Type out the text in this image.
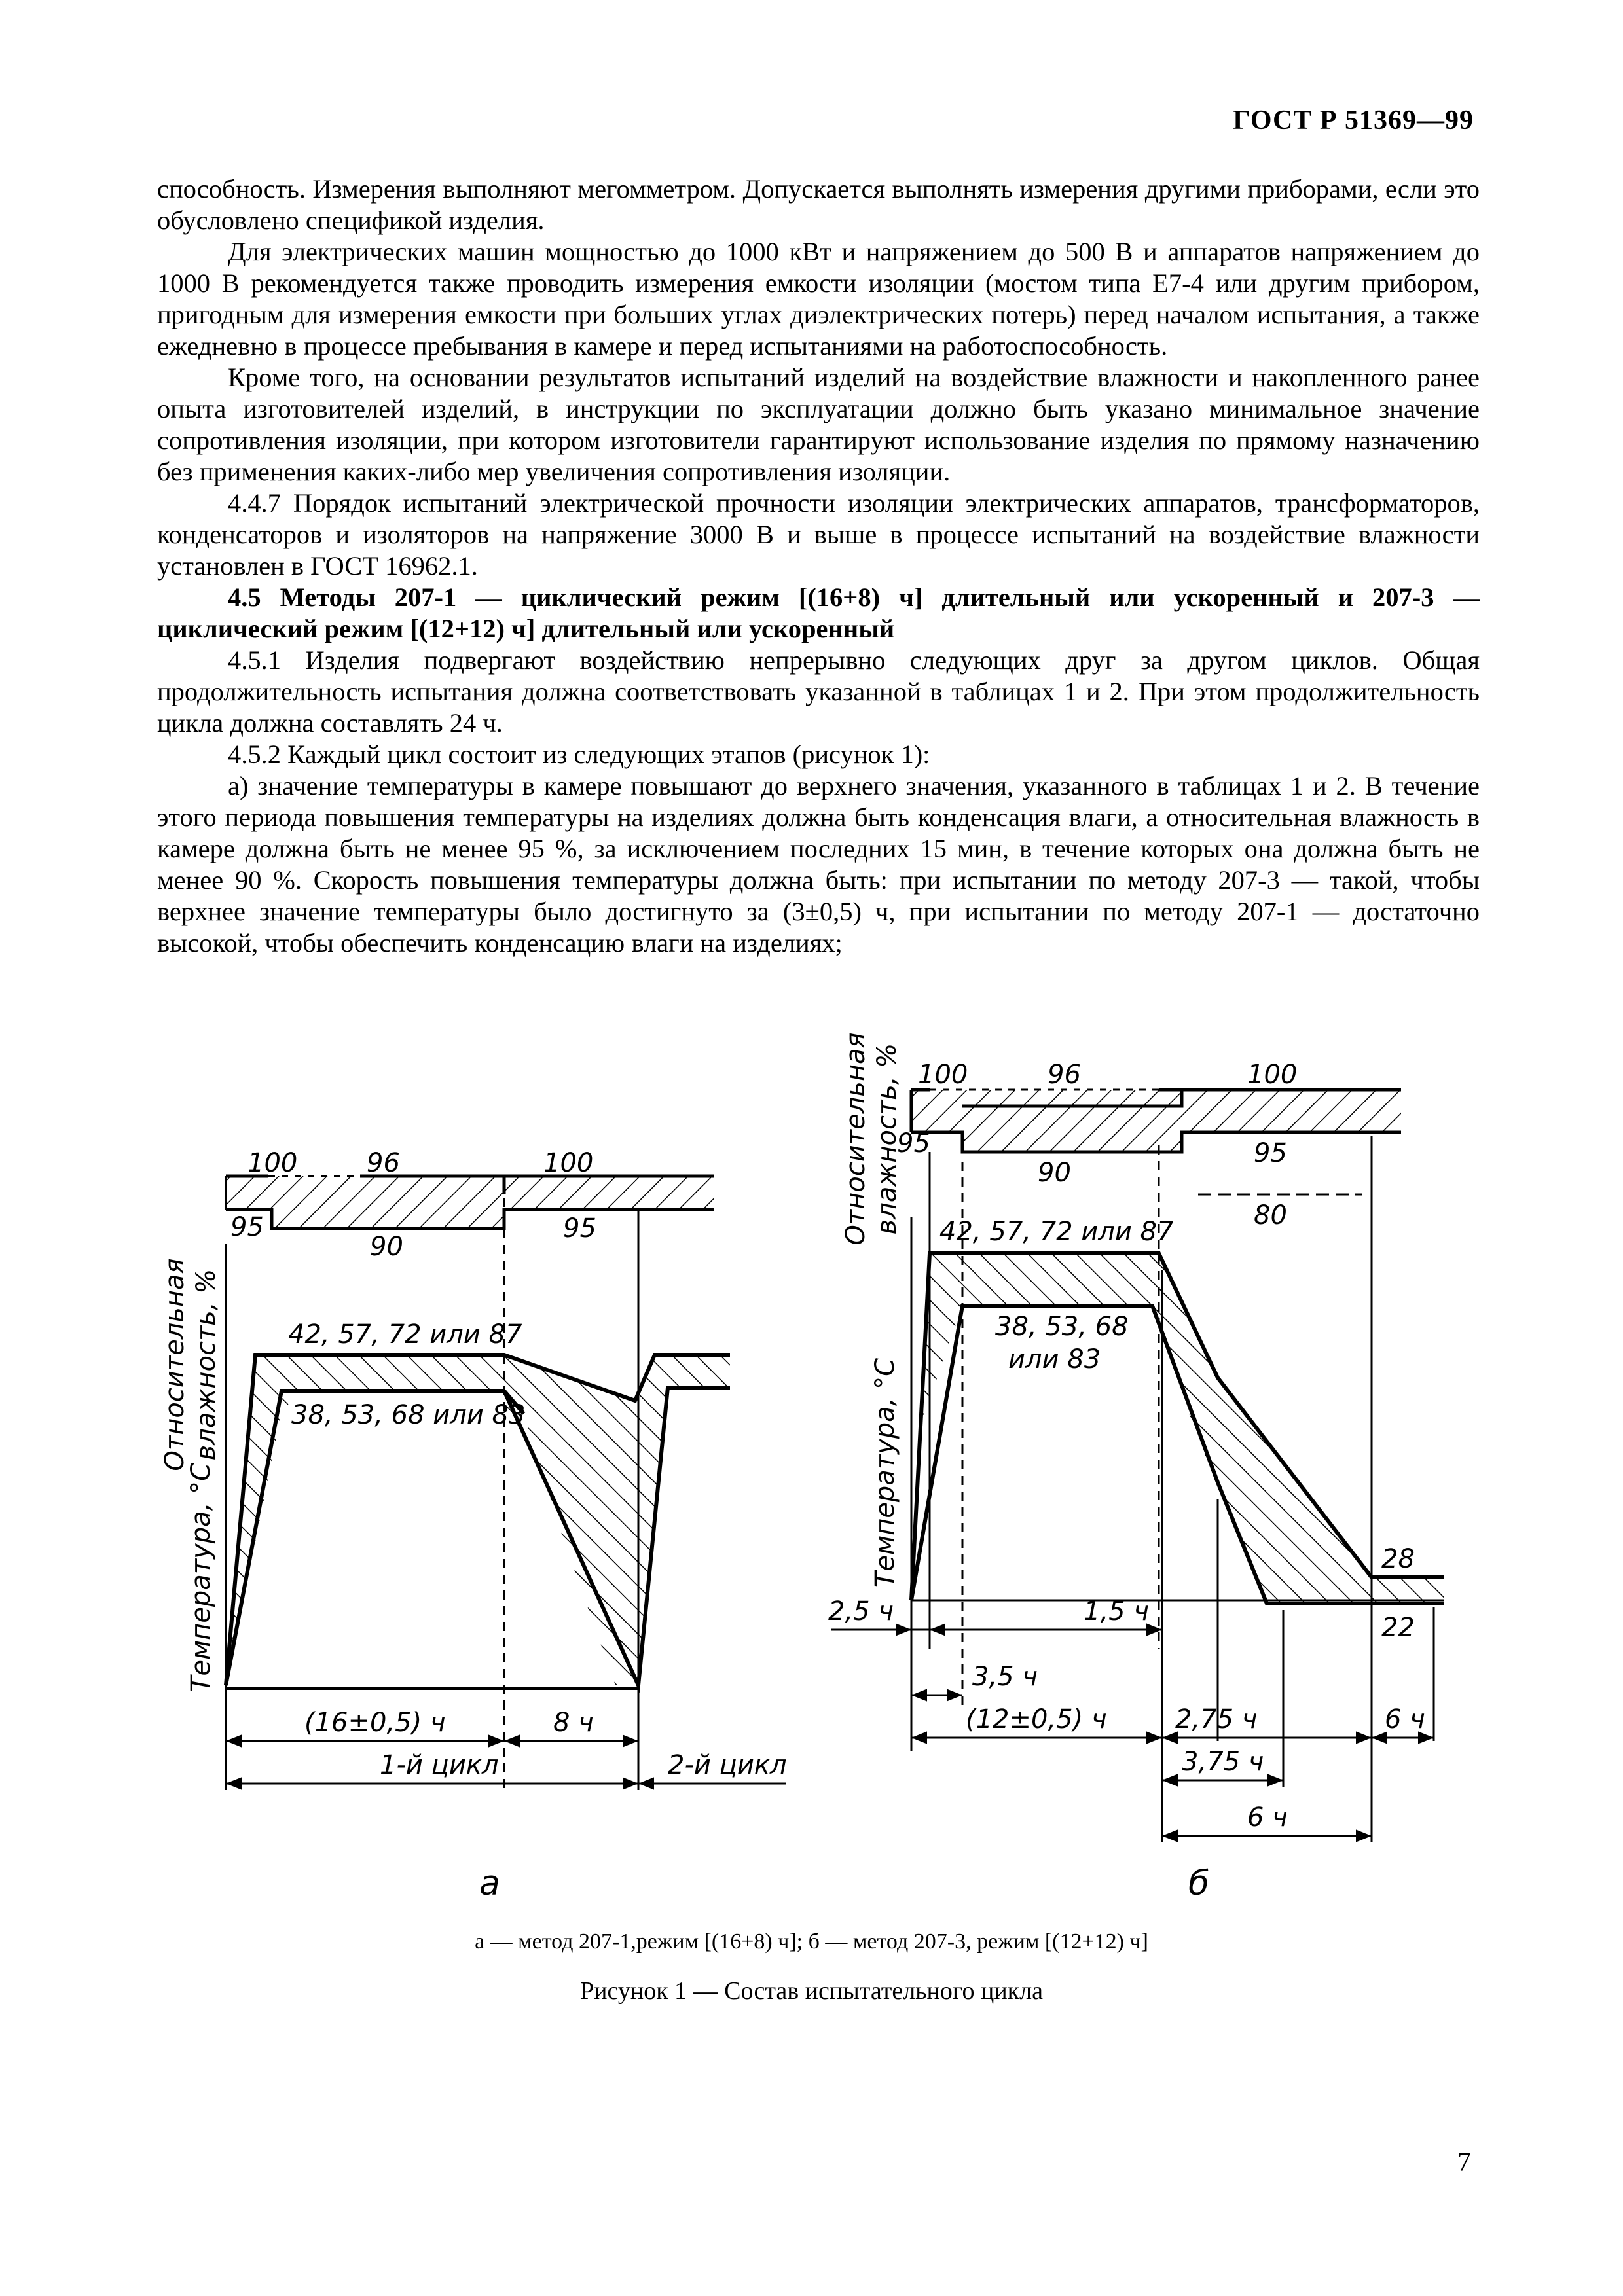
ГОСТ Р 51369—99

способность. Измерения выполняют мегомметром. Допускается выполнять измерения другими приборами, если это обусловлено спецификой изделия.

Для электрических машин мощностью до 1000 кВт и напряжением до 500 В и аппаратов напряжением до 1000 В рекомендуется также проводить измерения емкости изоляции (мостом типа Е7-4 или другим прибором, пригодным для измерения емкости при больших углах диэлектрических потерь) перед началом испытания, а также ежедневно в процессе пребывания в камере и перед испытаниями на работоспособность.

Кроме того, на основании результатов испытаний изделий на воздействие влажности и накопленного ранее опыта изготовителей изделий, в инструкции по эксплуатации должно быть указано минимальное значение сопротивления изоляции, при котором изготовители гарантируют использование изделия по прямому назначению без применения каких-либо мер увеличения сопротивления изоляции.

4.4.7 Порядок испытаний электрической прочности изоляции электрических аппаратов, трансформаторов, конденсаторов и изоляторов на напряжение 3000 В и выше в процессе испытаний на воздействие влажности установлен в ГОСТ 16962.1.

4.5 Методы 207-1 — циклический режим [(16+8) ч] длительный или ускоренный и 207-3 — циклический режим [(12+12) ч] длительный или ускоренный

4.5.1 Изделия подвергают воздействию непрерывно следующих друг за другом циклов. Общая продолжительность испытания должна соответствовать указанной в таблицах 1 и 2. При этом продолжительность цикла должна составлять 24 ч.

4.5.2 Каждый цикл состоит из следующих этапов (рисунок 1):

а) значение температуры в камере повышают до верхнего значения, указанного в таблицах 1 и 2. В течение этого периода повышения температуры на изделиях должна быть конденсация влаги, а относительная влажность в камере должна быть не менее 95 %, за исключением последних 15 мин, в течение которых она должна быть не менее 90 %. Скорость повышения температуры должна быть: при испытании по методу 207-3 — такой, чтобы верхнее значение температуры было достигнуто за (3±0,5) ч, при испытании по методу 207-1 — достаточно высокой, чтобы обеспечить конденсацию влаги на изделиях;

100	96	100
95
90
95
42, 57, 72 или 87
38, 53, 68 или 83
(16±0,5) ч	8 ч
1-й цикл	2-й цикл
Относительная влажность, %
Температура, °С
а
100	96	100
95
90
95
80
42, 57, 72 или 87
38, 53, 68
или 83
28
22
2,5 ч	1,5 ч
3,5 ч
(12±0,5) ч	2,75 ч	6 ч
3,75 ч
6 ч
Относительная влажность, %
Температура, °С
б
а — метод 207-1,режим [(16+8) ч]; б — метод 207-3, режим [(12+12) ч]
Рисунок 1 — Состав испытательного цикла
7
